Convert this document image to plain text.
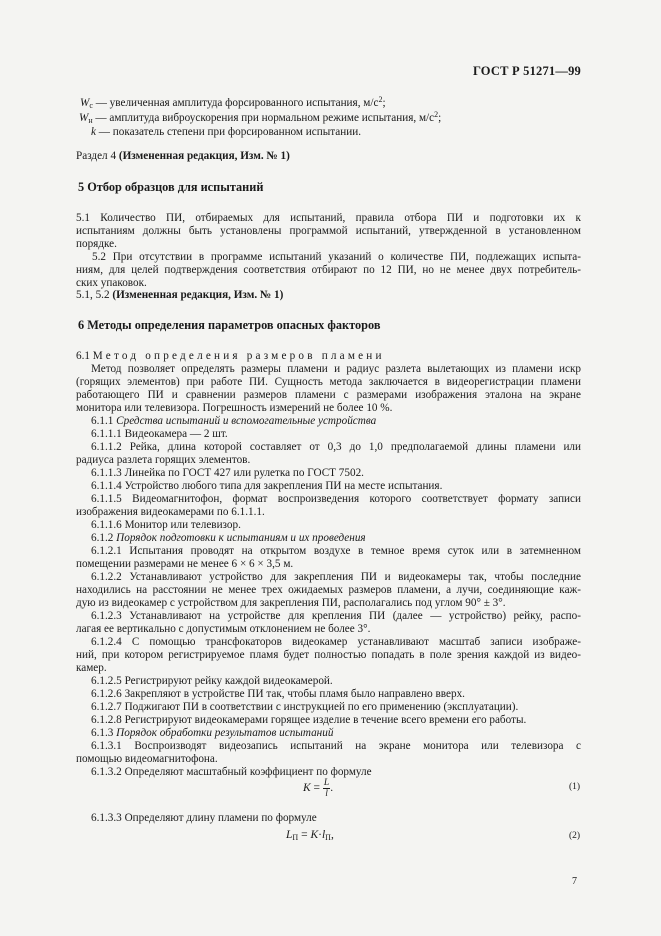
ГОСТ Р 51271—99
$W_с$ — увеличенная амплитуда форсированного испытания, $м/с^2$;
$W_н$ — амплитуда виброускорения при нормальном режиме испытания, $м/с^2$;
k — показатель степени при форсированном испытании.
Раздел 4 (Измененная редакция, Изм. № 1)
5 Отбор образцов для испытаний
5.1 Количество ПИ, отбираемых для испытаний, правила отбора ПИ и подготовки их к
испытаниям должны быть установлены программой испытаний, утвержденной в установленном
порядке.
5.2 При отсутствии в программе испытаний указаний о количестве ПИ, подлежащих испыта-
ниям, для целей подтверждения соответствия отбирают по 12 ПИ, но не менее двух потребитель-
ских упаковок.
5.1, 5.2 (Измененная редакция, Изм. № 1)
6 Методы определения параметров опасных факторов
6.1 Метод определения размеров пламени
Метод позволяет определять размеры пламени и радиус разлета вылетающих из пламени искр
(горящих элементов) при работе ПИ. Сущность метода заключается в видеорегистрации пламени
работающего ПИ и сравнении размеров пламени с размерами изображения эталона на экране
монитора или телевизора. Погрешность измерений не более 10 %.
6.1.1 Средства испытаний и вспомогательные устройства
6.1.1.1 Видеокамера — 2 шт.
6.1.1.2 Рейка, длина которой составляет от 0,3 до 1,0 предполагаемой длины пламени или
радиуса разлета горящих элементов.
6.1.1.3 Линейка по ГОСТ 427 или рулетка по ГОСТ 7502.
6.1.1.4 Устройство любого типа для закрепления ПИ на месте испытания.
6.1.1.5 Видеомагнитофон, формат воспроизведения которого соответствует формату записи
изображения видеокамерами по 6.1.1.1.
6.1.1.6 Монитор или телевизор.
6.1.2 Порядок подготовки к испытаниям и их проведения
6.1.2.1 Испытания проводят на открытом воздухе в темное время суток или в затемненном
помещении размерами не менее 6 × 6 × 3,5 м.
6.1.2.2 Устанавливают устройство для закрепления ПИ и видеокамеры так, чтобы последние
находились на расстоянии не менее трех ожидаемых размеров пламени, а лучи, соединяющие каж-
дую из видеокамер с устройством для закрепления ПИ, располагались под углом 90° ± 3°.
6.1.2.3 Устанавливают на устройстве для крепления ПИ (далее — устройство) рейку, распо-
лагая ее вертикально с допустимым отклонением не более 3°.
6.1.2.4 С помощью трансфокаторов видеокамер устанавливают масштаб записи изображе-
ний, при котором регистрируемое пламя будет полностью попадать в поле зрения каждой из видео-
камер.
6.1.2.5 Регистрируют рейку каждой видеокамерой.
6.1.2.6 Закрепляют в устройстве ПИ так, чтобы пламя было направлено вверх.
6.1.2.7 Поджигают ПИ в соответствии с инструкцией по его применению (эксплуатации).
6.1.2.8 Регистрируют видеокамерами горящее изделие в течение всего времени его работы.
6.1.3 Порядок обработки результатов испытаний
6.1.3.1 Воспроизводят видеозапись испытаний на экране монитора или телевизора с
помощью видеомагнитофона.
6.1.3.2 Определяют масштабный коэффициент по формуле
$K = \frac{L}{l}$ .	(1)
6.1.3.3 Определяют длину пламени по формуле
$L_П = K\cdot l_П$,	(2)
7
